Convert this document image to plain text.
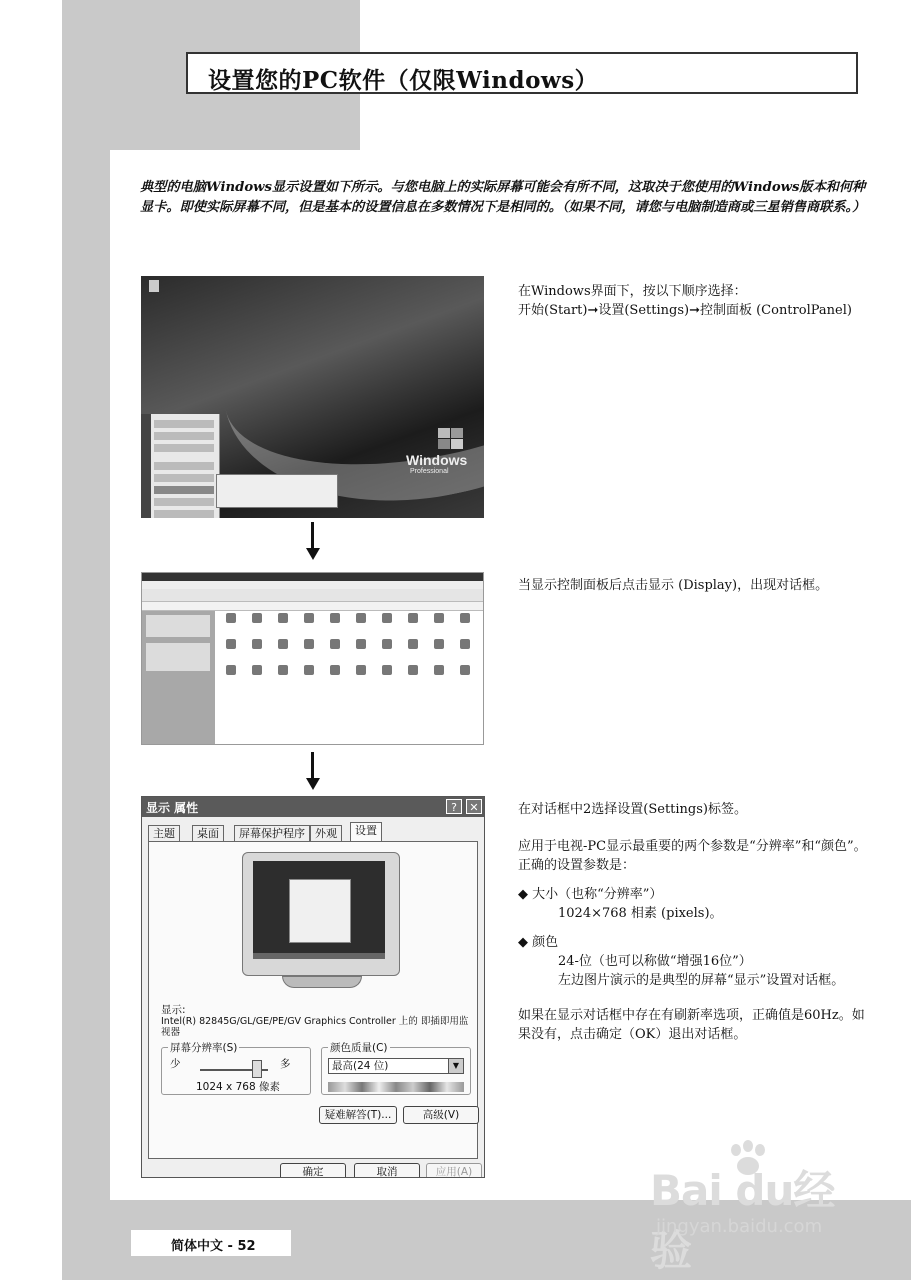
设置您的PC软件（仅限Windows）
典型的电脑Windows显示设置如下所示。与您电脑上的实际屏幕可能会有所不同，这取决于您使用的Windows版本和何种显卡。即使实际屏幕不同，但是基本的设置信息在多数情况下是相同的。（如果不同，请您与电脑制造商或三星销售商联系。）
Windows
Professional
在Windows界面下，按以下顺序选择：
开始(Start)➞设置(Settings)➞控制面板 (ControlPanel)
当显示控制面板后点击显示 (Display)，出现对话框。
显示 属性	?	✕
主题	桌面	屏幕保护程序 外观	设置
显示:
Intel(R) 82845G/GL/GE/PE/GV Graphics Controller 上的 即插即用监视器
屏幕分辨率(S)
少	多
1024 x 768 像素
颜色质量(C)
最高(24 位)	▼
疑难解答(T)...	高级(V)
确定	取消	应用(A)
在对话框中2选择设置(Settings)标签。
应用于电视-PC显示最重要的两个参数是“分辨率”和“颜色”。
正确的设置参数是：
◆ 大小（也称“分辨率”）
1024×768 相素 (pixels)。
◆ 颜色
24-位（也可以称做“增强16位”）
左边图片演示的是典型的屏幕“显示”设置对话框。
如果在显示对话框中存在有刷新率选项，正确值是60Hz。如果没有，点击确定（OK）退出对话框。
简体中文 - 52
Bai du经验
jingyan.baidu.com
